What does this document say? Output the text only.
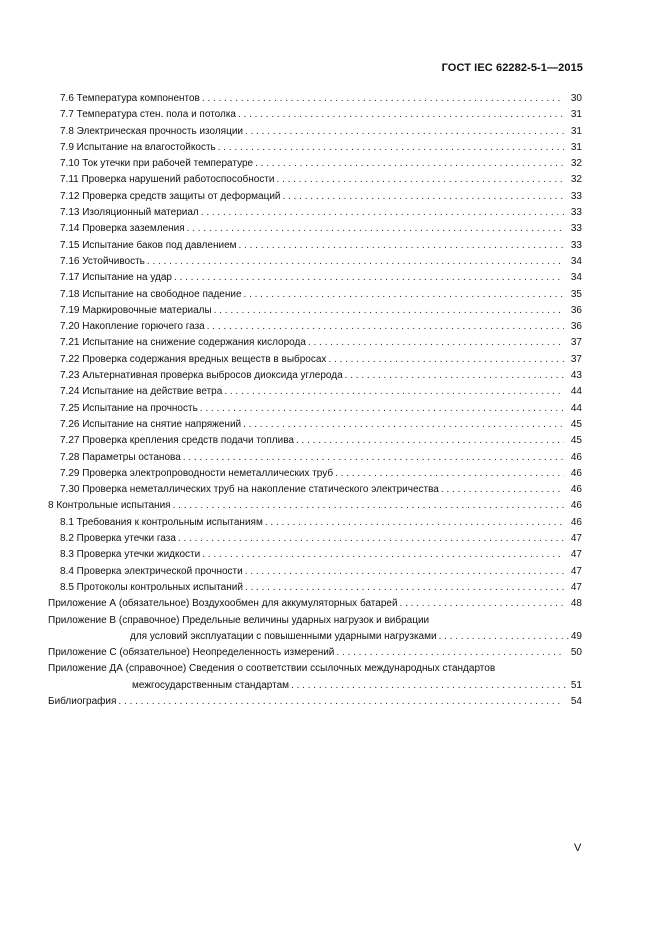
ГОСТ IEC 62282-5-1—2015
7.6 Температура компонентов . . .	30
7.7 Температура стен. пола и потолка . . .	31
7.8 Электрическая прочность изоляции . . .	31
7.9 Испытание на влагостойкость . . .	31
7.10 Ток утечки при рабочей температуре . . .	32
7.11 Проверка нарушений работоспособности . . .	32
7.12 Проверка средств защиты от деформаций . . .	33
7.13 Изоляционный материал . . .	33
7.14 Проверка заземления . . .	33
7.15 Испытание баков под давлением . . .	33
7.16 Устойчивость . . .	34
7.17 Испытание на удар . . .	34
7.18 Испытание на свободное падение . . .	35
7.19 Маркировочные материалы . . .	36
7.20 Накопление горючего газа . . .	36
7.21 Испытание на снижение содержания кислорода . . .	37
7.22 Проверка содержания вредных веществ в выбросах . . .	37
7.23 Альтернативная проверка выбросов диоксида углерода . . .	43
7.24 Испытание на действие ветра . . .	44
7.25 Испытание на прочность . . .	44
7.26 Испытание на снятие напряжений . . .	45
7.27 Проверка крепления средств подачи топлива . . .	45
7.28 Параметры останова . . .	46
7.29 Проверка электропроводности неметаллических труб . . .	46
7.30 Проверка неметаллических труб на накопление статического электричества . . .	46
8 Контрольные испытания . . .	46
8.1 Требования к контрольным испытаниям . . .	46
8.2 Проверка утечки газа . . .	47
8.3 Проверка утечки жидкости . . .	47
8.4 Проверка электрической прочности . . .	47
8.5 Протоколы контрольных испытаний . . .	47
Приложение А (обязательное) Воздухообмен для аккумуляторных батарей . . .	48
Приложение В (справочное) Предельные величины ударных нагрузок и вибрации
для условий эксплуатации с повышенными ударными нагрузками . . .	49
Приложение С (обязательное) Неопределенность измерений . . .	50
Приложение ДА (справочное) Сведения о соответствии ссылочных международных стандартов
межгосударственным стандартам . . .	51
Библиография . . .	54
V
